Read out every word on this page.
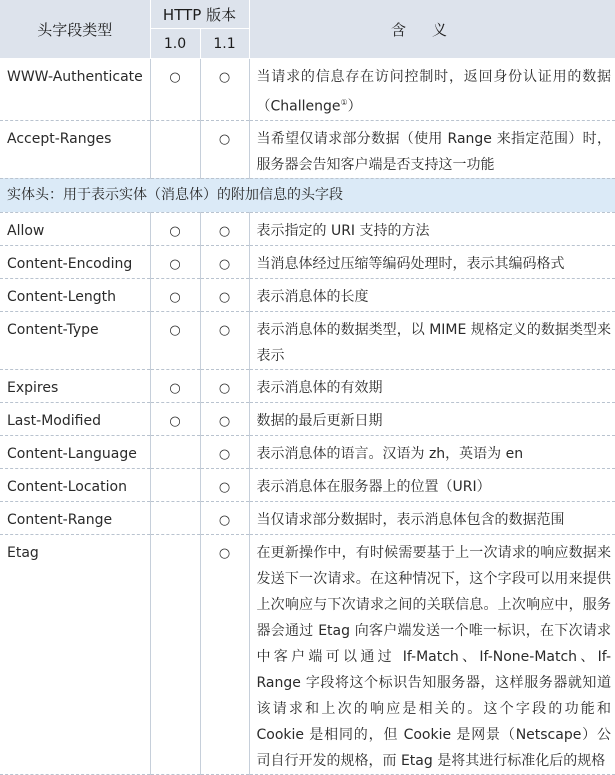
头字段类型	HTTP 版本		含义
	1.0	1.1	
WWW-Authenticate	○	○	当请求的信息存在访问控制时，返回身份认证用的数据（Challenge①）
Accept-Ranges		○	当希望仅请求部分数据（使用 Range 来指定范围）时，服务器会告知客户端是否支持这一功能
实体头：用于表示实体（消息体）的附加信息的头字段			
Allow	○	○	表示指定的 URI 支持的方法
Content-Encoding	○	○	当消息体经过压缩等编码处理时，表示其编码格式
Content-Length	○	○	表示消息体的长度
Content-Type	○	○	表示消息体的数据类型，以 MIME 规格定义的数据类型来表示
Expires	○	○	表示消息体的有效期
Last-Modified	○	○	数据的最后更新日期
Content-Language		○	表示消息体的语言。汉语为 zh，英语为 en
Content-Location		○	表示消息体在服务器上的位置（URI）
Content-Range		○	当仅请求部分数据时，表示消息体包含的数据范围
Etag		○	在更新操作中，有时候需要基于上一次请求的响应数据来发送下一次请求。在这种情况下，这个字段可以用来提供上次响应与下次请求之间的关联信息。上次响应中，服务器会通过 Etag 向客户端发送一个唯一标识，在下次请求中客户端可以通过 If-Match、If-None-Match、If-Range 字段将这个标识告知服务器，这样服务器就知道该请求和上次的响应是相关的。这个字段的功能和 Cookie 是相同的，但 Cookie 是网景（Netscape）公司自行开发的规格，而 Etag 是将其进行标准化后的规格
